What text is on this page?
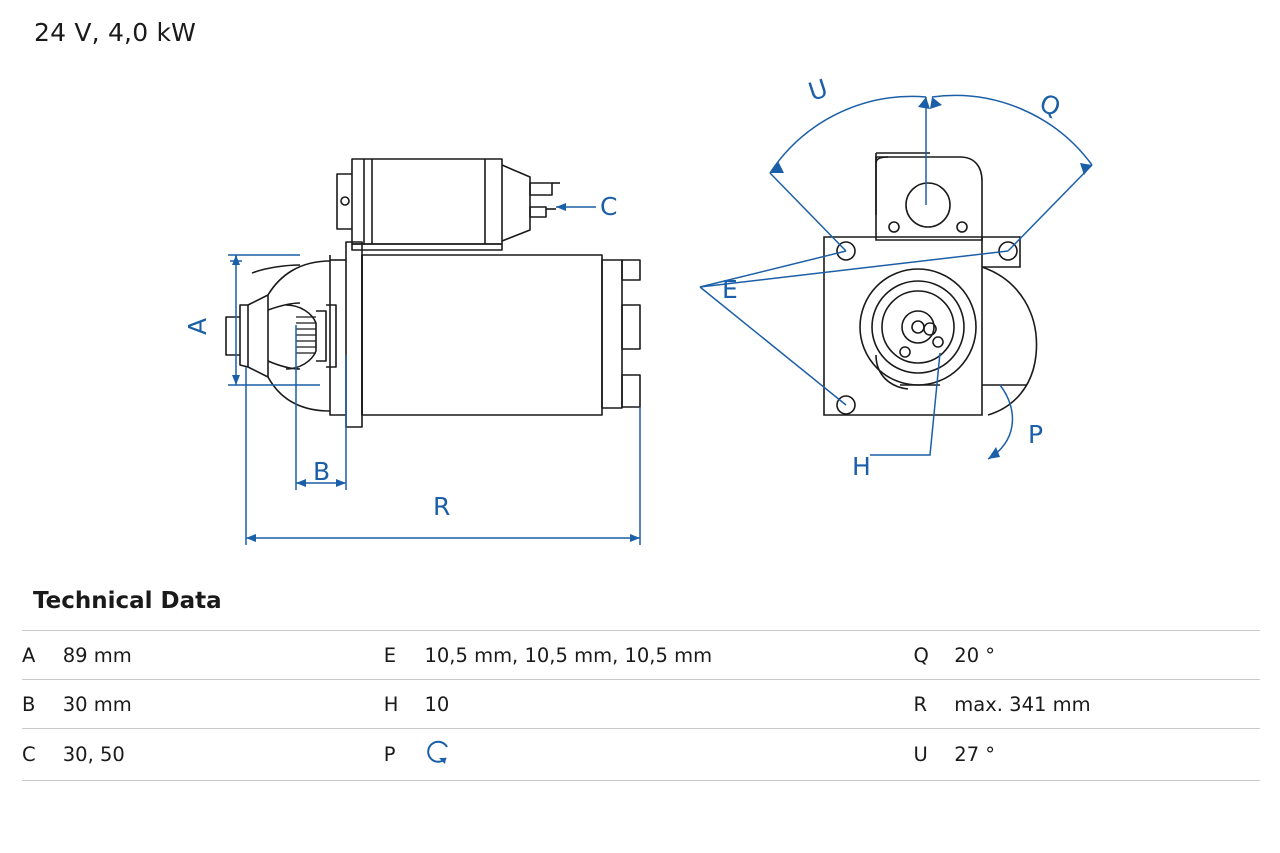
24 V, 4,0 kW
A
B
R
C
U	Q
E
H
P
Technical Data
A	89 mm	E	10,5 mm, 10,5 mm, 10,5 mm	Q	20 °
B	30 mm	H	10	R	max. 341 mm
C	30, 50	P		U	27 °
